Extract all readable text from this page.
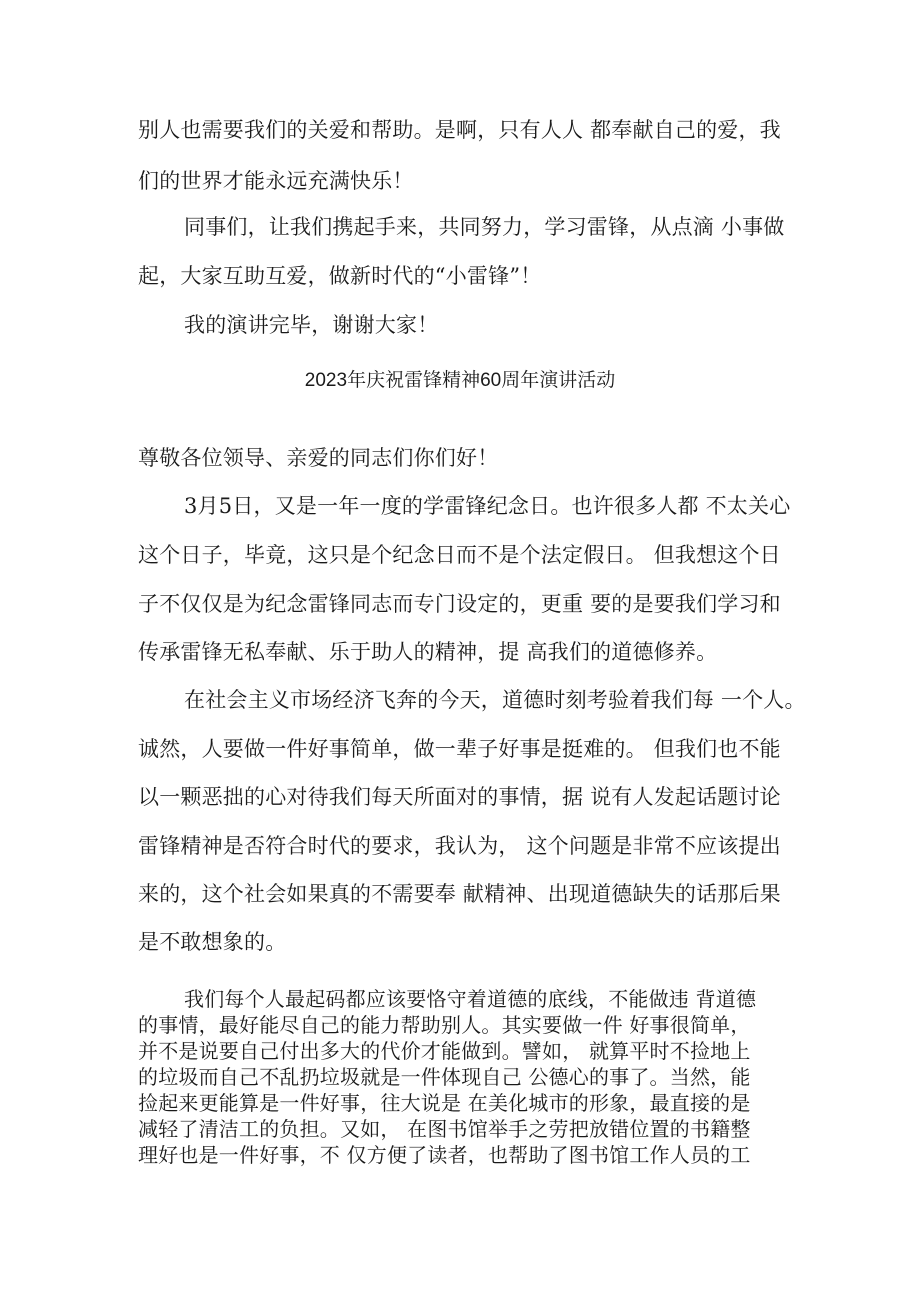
别人也需要我们的关爱和帮助。是啊，只有人人 都奉献自己的爱，我
们的世界才能永远充满快乐！
同事们，让我们携起手来，共同努力，学习雷锋，从点滴 小事做
起，大家互助互爱，做新时代的“小雷锋”！
我的演讲完毕，谢谢大家！
2023年庆祝雷锋精神60周年演讲活动
尊敬各位领导、亲爱的同志们你们好！
3月5日，又是一年一度的学雷锋纪念日。也许很多人都 不太关心
这个日子，毕竟，这只是个纪念日而不是个法定假日。 但我想这个日
子不仅仅是为纪念雷锋同志而专门设定的，更重 要的是要我们学习和
传承雷锋无私奉献、乐于助人的精神，提 高我们的道德修养。
在社会主义市场经济飞奔的今天，道德时刻考验着我们每 一个人。
诚然，人要做一件好事简单，做一辈子好事是挺难的。 但我们也不能
以一颗恶拙的心对待我们每天所面对的事情，据 说有人发起话题讨论
雷锋精神是否符合时代的要求，我认为， 这个问题是非常不应该提出
来的，这个社会如果真的不需要奉 献精神、出现道德缺失的话那后果
是不敢想象的。
我们每个人最起码都应该要恪守着道德的底线，不能做违 背道德
的事情，最好能尽自己的能力帮助别人。其实要做一件 好事很简单，
并不是说要自己付出多大的代价才能做到。譬如， 就算平时不捡地上
的垃圾而自己不乱扔垃圾就是一件体现自己 公德心的事了。当然，能
捡起来更能算是一件好事，往大说是 在美化城市的形象，最直接的是
减轻了清洁工的负担。又如， 在图书馆举手之劳把放错位置的书籍整
理好也是一件好事，不 仅方便了读者，也帮助了图书馆工作人员的工
